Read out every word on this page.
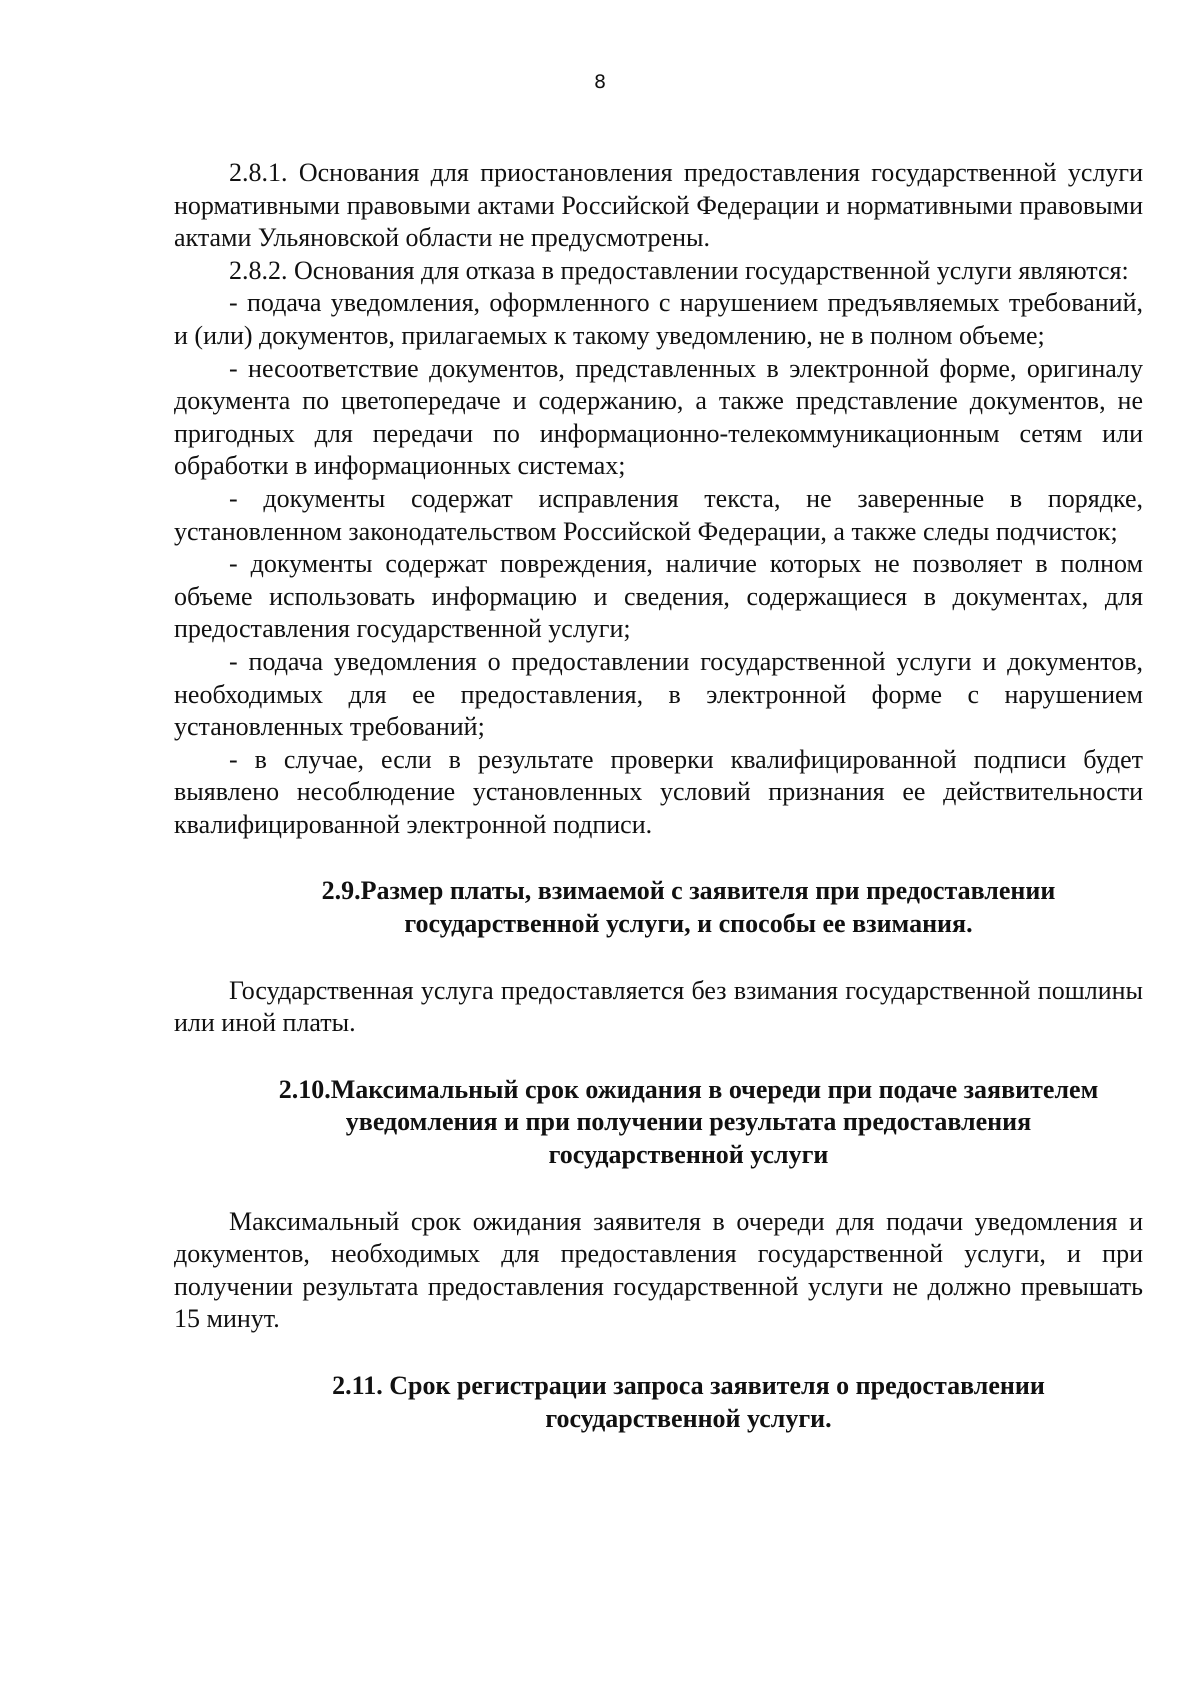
8

2.8.1. Основания для приостановления предоставления государственной услуги нормативными правовыми актами Российской Федерации и нормативными правовыми актами Ульяновской области не предусмотрены.

2.8.2. Основания для отказа в предоставлении государственной услуги являются:

- подача уведомления, оформленного с нарушением предъявляемых требований, и (или) документов, прилагаемых к такому уведомлению, не в полном объеме;

- несоответствие документов, представленных в электронной форме, оригиналу документа по цветопередаче и содержанию, а также представление документов, не пригодных для передачи по информационно-телекоммуникационным сетям или обработки в информационных системах;

- документы содержат исправления текста, не заверенные в порядке, установленном законодательством Российской Федерации, а также следы подчисток;

- документы содержат повреждения, наличие которых не позволяет в полном объеме использовать информацию и сведения, содержащиеся в документах, для предоставления государственной услуги;

- подача уведомления о предоставлении государственной услуги и документов, необходимых для ее предоставления, в электронной форме с нарушением установленных требований;

- в случае, если в результате проверки квалифицированной подписи будет выявлено несоблюдение установленных условий признания ее действительности квалифицированной электронной подписи.

2.9.Размер платы, взимаемой с заявителя при предоставлении
государственной услуги, и способы ее взимания.

Государственная услуга предоставляется без взимания государственной пошлины или иной платы.

2.10.Максимальный срок ожидания в очереди при подаче заявителем
уведомления и при получении результата предоставления
государственной услуги

Максимальный срок ожидания заявителя в очереди для подачи уведомления и документов, необходимых для предоставления государственной услуги, и при получении результата предоставления государственной услуги не должно превышать 15 минут.

2.11. Срок регистрации запроса заявителя о предоставлении
государственной услуги.
